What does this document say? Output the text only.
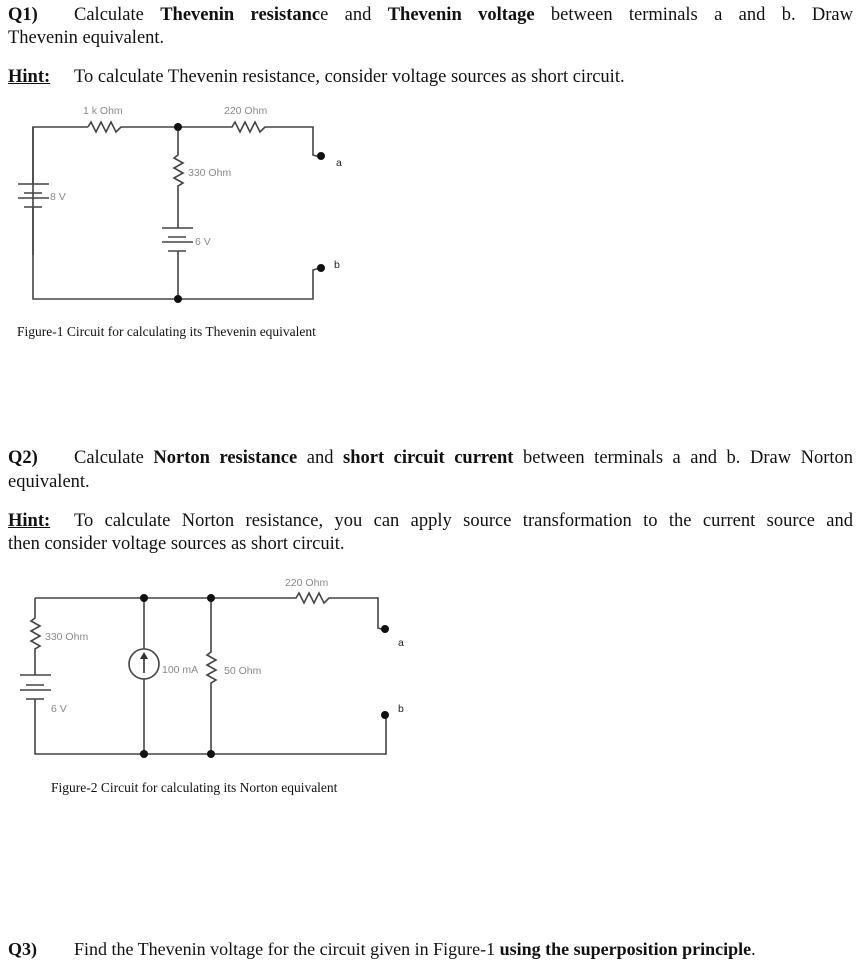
Q1) Calculate Thevenin resistance and Thevenin voltage between terminals a and b. Draw
Thevenin equivalent.
Hint: To calculate Thevenin resistance, consider voltage sources as short circuit.
1 k Ohm	220 Ohm
330 Ohm
8 V
6 V
a
b
Figure-1 Circuit for calculating its Thevenin equivalent
Q2) Calculate Norton resistance and short circuit current between terminals a and b. Draw Norton
equivalent.
Hint: To calculate Norton resistance, you can apply source transformation to the current source and
then consider voltage sources as short circuit.
220 Ohm
330 Ohm
100 mA 50 Ohm
6 V
a
b
Figure-2 Circuit for calculating its Norton equivalent
Q3) Find the Thevenin voltage for the circuit given in Figure-1 using the superposition principle.
